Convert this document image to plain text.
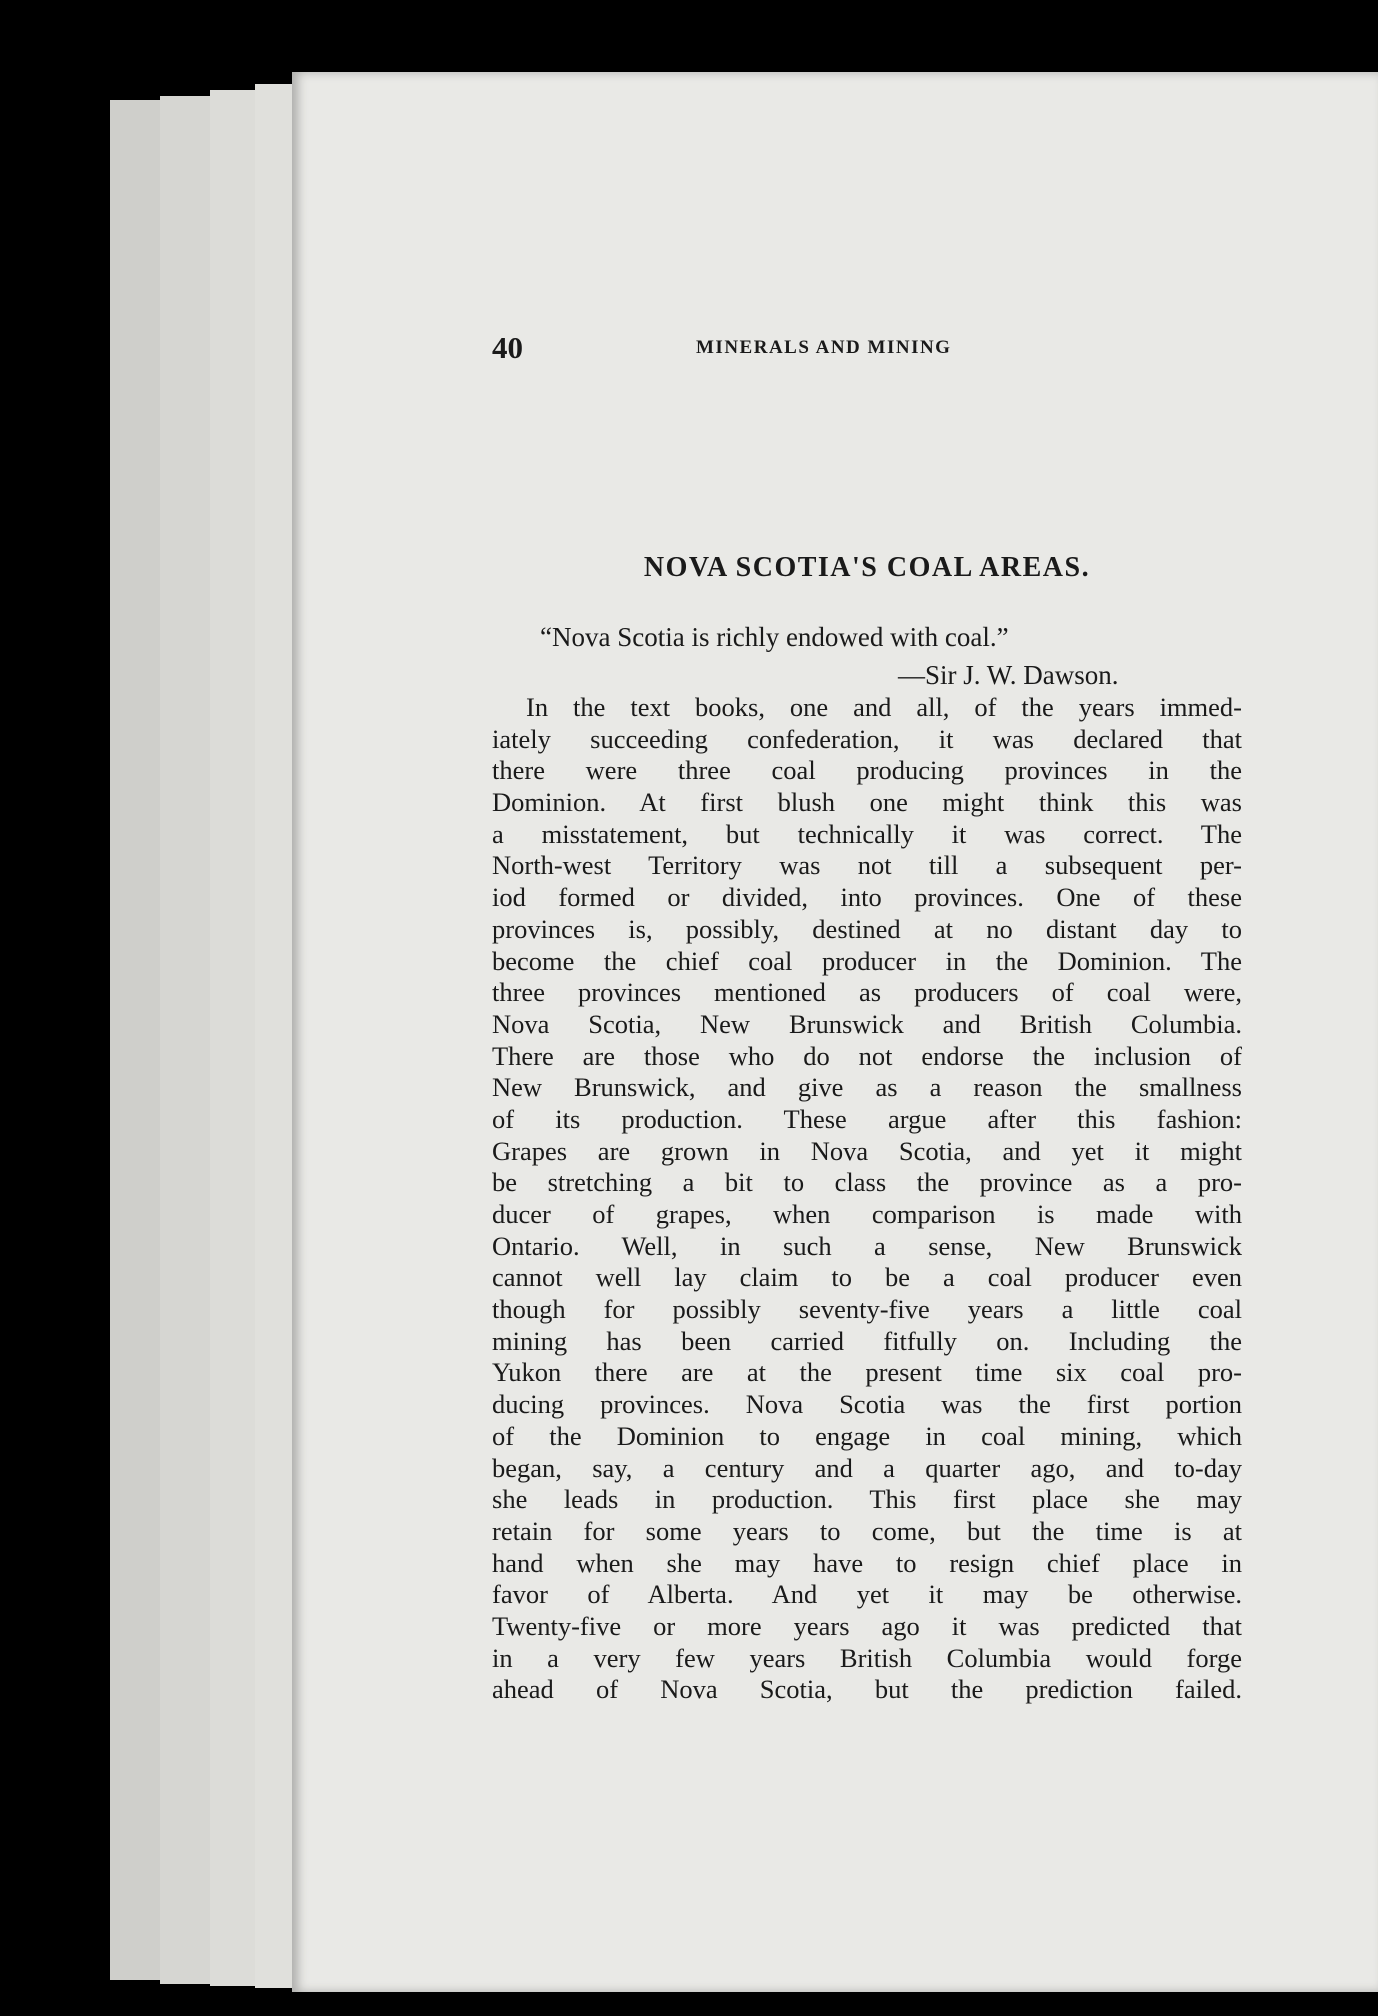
40	MINERALS AND MINING
NOVA SCOTIA'S COAL AREAS.
“Nova Scotia is richly endowed with coal.”
—Sir J. W. Dawson.
In the text books, one and all, of the years immed-
iately succeeding confederation, it was declared that
there were three coal producing provinces in the
Dominion. At first blush one might think this was
a misstatement, but technically it was correct. The
North-west Territory was not till a subsequent per-
iod formed or divided, into provinces. One of these
provinces is, possibly, destined at no distant day to
become the chief coal producer in the Dominion. The
three provinces mentioned as producers of coal were,
Nova Scotia, New Brunswick and British Columbia.
There are those who do not endorse the inclusion of
New Brunswick, and give as a reason the smallness
of its production. These argue after this fashion:
Grapes are grown in Nova Scotia, and yet it might
be stretching a bit to class the province as a pro-
ducer of grapes, when comparison is made with
Ontario. Well, in such a sense, New Brunswick
cannot well lay claim to be a coal producer even
though for possibly seventy-five years a little coal
mining has been carried fitfully on. Including the
Yukon there are at the present time six coal pro-
ducing provinces. Nova Scotia was the first portion
of the Dominion to engage in coal mining, which
began, say, a century and a quarter ago, and to-day
she leads in production. This first place she may
retain for some years to come, but the time is at
hand when she may have to resign chief place in
favor of Alberta. And yet it may be otherwise.
Twenty-five or more years ago it was predicted that
in a very few years British Columbia would forge
ahead of Nova Scotia, but the prediction failed.
